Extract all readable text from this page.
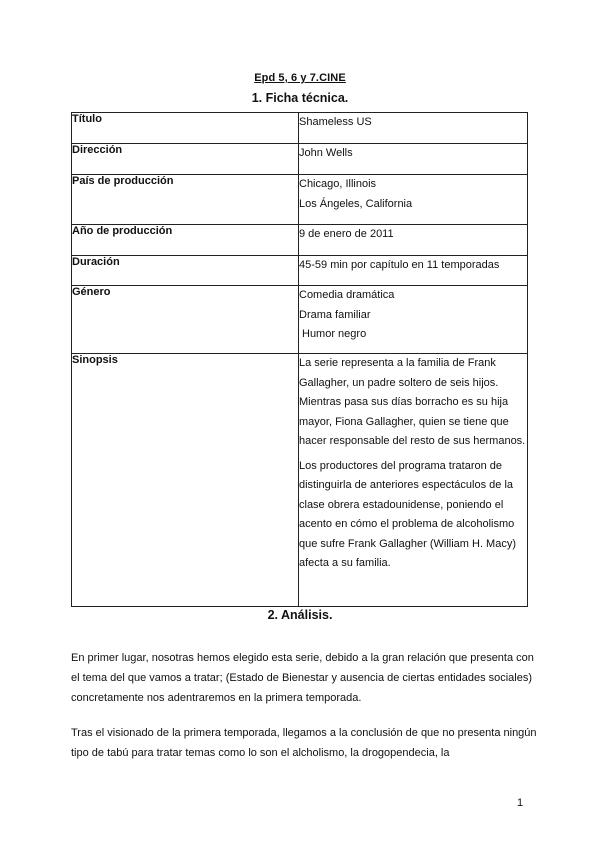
Epd 5, 6 y 7.CINE
1. Ficha técnica.
Título	Shameless US

Dirección	John Wells

País de producción	Chicago, Illinois
Los Ángeles, California

Año de producción	9 de enero de 2011

Duración	45-59 min por capítulo en 11 temporadas

Género	Comedia dramática
Drama familiar
Humor negro

Sinopsis	La serie representa a la familia de Frank Gallagher, un padre soltero de seis hijos. Mientras pasa sus días borracho es su hija mayor, Fiona Gallagher, quien se tiene que hacer responsable del resto de sus hermanos.
Los productores del programa trataron de distinguirla de anteriores espectáculos de la clase obrera estadounidense, poniendo el acento en cómo el problema de alcoholismo que sufre Frank Gallagher (William H. Macy) afecta a su familia.
2. Análisis.
En primer lugar, nosotras hemos elegido esta serie, debido a la gran relación que presenta con el tema del que vamos a tratar; (Estado de Bienestar y ausencia de ciertas entidades sociales) concretamente nos adentraremos en la primera temporada.
Tras el visionado de la primera temporada, llegamos a la conclusión de que no presenta ningún tipo de tabú para tratar temas como lo son el alcholismo, la drogopendecia, la
1
